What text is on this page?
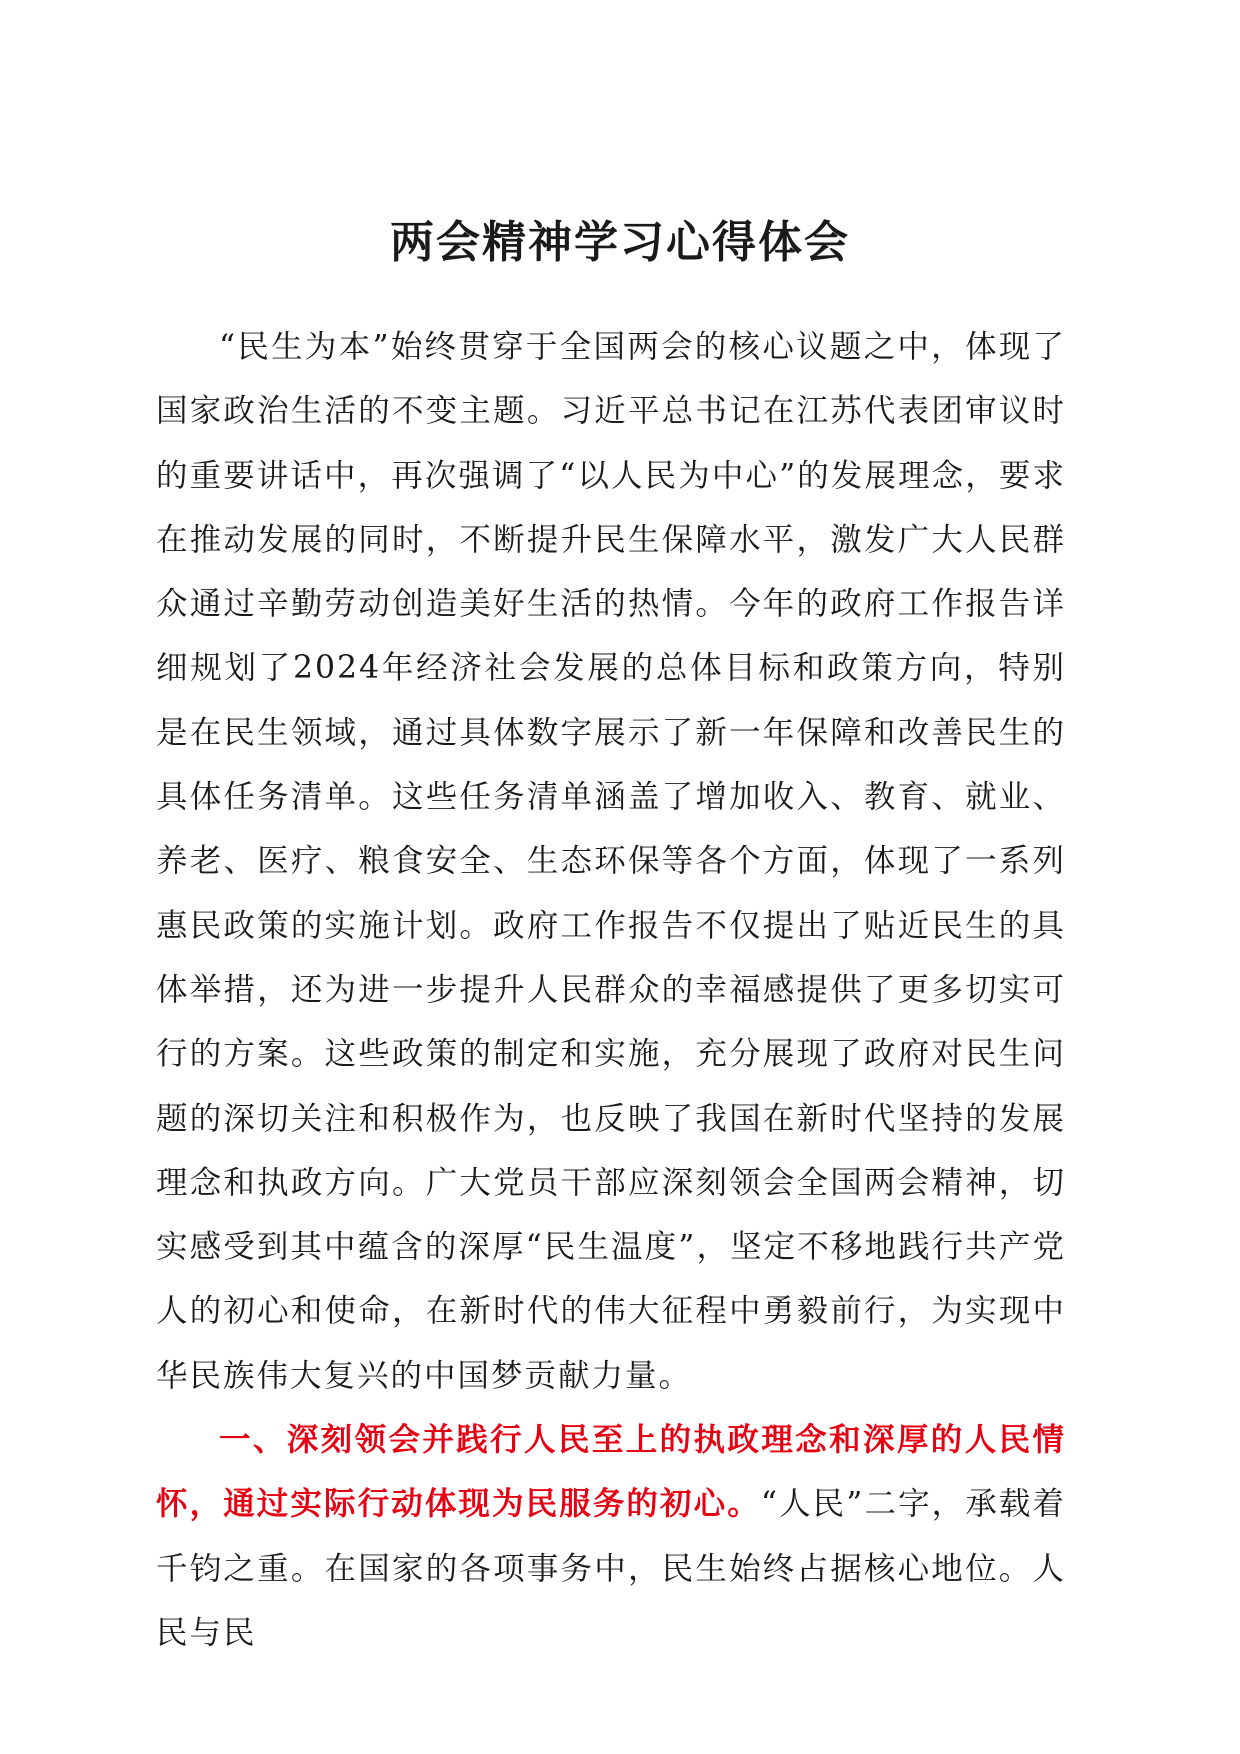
两会精神学习心得体会

“民生为本”始终贯穿于全国两会的核心议题之中，体现了国家政治生活的不变主题。习近平总书记在江苏代表团审议时的重要讲话中，再次强调了“以人民为中心”的发展理念，要求在推动发展的同时，不断提升民生保障水平，激发广大人民群众通过辛勤劳动创造美好生活的热情。今年的政府工作报告详细规划了2024年经济社会发展的总体目标和政策方向，特别是在民生领域，通过具体数字展示了新一年保障和改善民生的具体任务清单。这些任务清单涵盖了增加收入、教育、就业、养老、医疗、粮食安全、生态环保等各个方面，体现了一系列惠民政策的实施计划。政府工作报告不仅提出了贴近民生的具体举措，还为进一步提升人民群众的幸福感提供了更多切实可行的方案。这些政策的制定和实施，充分展现了政府对民生问题的深切关注和积极作为，也反映了我国在新时代坚持的发展理念和执政方向。广大党员干部应深刻领会全国两会精神，切实感受到其中蕴含的深厚“民生温度”，坚定不移地践行共产党人的初心和使命，在新时代的伟大征程中勇毅前行，为实现中华民族伟大复兴的中国梦贡献力量。

一、深刻领会并践行人民至上的执政理念和深厚的人民情怀，通过实际行动体现为民服务的初心。“人民”二字，承载着千钧之重。在国家的各项事务中，民生始终占据核心地位。人民与民
